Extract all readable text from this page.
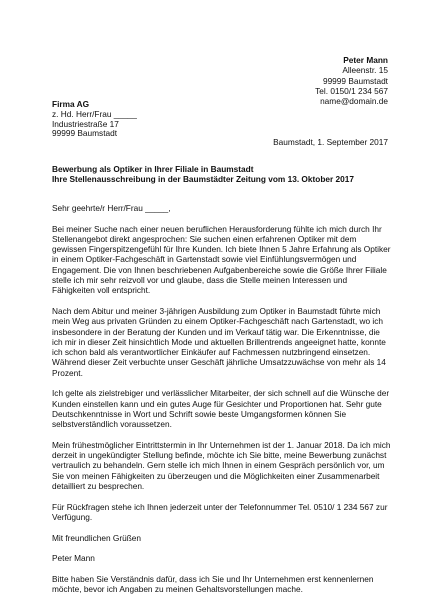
Peter Mann
Alleenstr. 15
99999 Baumstadt
Tel. 0150/1 234 567
name@domain.de
Firma AG
z. Hd. Herr/Frau _____
Industriestraße 17
99999 Baumstadt
Baumstadt, 1. September 2017
Bewerbung als Optiker in Ihrer Filiale in Baumstadt
Ihre Stellenausschreibung in der Baumstädter Zeitung vom 13. Oktober 2017

Sehr geehrte/r Herr/Frau _____,

Bei meiner Suche nach einer neuen beruflichen Herausforderung fühlte ich mich durch Ihr Stellenangebot direkt angesprochen: Sie suchen einen erfahrenen Optiker mit dem gewissen Fingerspitzengefühl für Ihre Kunden. Ich biete Ihnen 5 Jahre Erfahrung als Optiker in einem Optiker-Fachgeschäft in Gartenstadt sowie viel Einfühlungsvermögen und Engagement. Die von Ihnen beschriebenen Aufgabenbereiche sowie die Größe Ihrer Filiale stelle ich mir sehr reizvoll vor und glaube, dass die Stelle meinen Interessen und Fähigkeiten voll entspricht.

Nach dem Abitur und meiner 3-jährigen Ausbildung zum Optiker in Baumstadt führte mich mein Weg aus privaten Gründen zu einem Optiker-Fachgeschäft nach Gartenstadt, wo ich insbesondere in der Beratung der Kunden und im Verkauf tätig war. Die Erkenntnisse, die ich mir in dieser Zeit hinsichtlich Mode und aktuellen Brillentrends angeeignet hatte, konnte ich schon bald als verantwortlicher Einkäufer auf Fachmessen nutzbringend einsetzen. Während dieser Zeit verbuchte unser Geschäft jährliche Umsatzzuwächse von mehr als 14 Prozent.

Ich gelte als zielstrebiger und verlässlicher Mitarbeiter, der sich schnell auf die Wünsche der Kunden einstellen kann und ein gutes Auge für Gesichter und Proportionen hat. Sehr gute Deutschkenntnisse in Wort und Schrift sowie beste Umgangsformen können Sie selbstverständlich voraussetzen.

Mein frühestmöglicher Eintrittstermin in Ihr Unternehmen ist der 1. Januar 2018. Da ich mich derzeit in ungekündigter Stellung befinde, möchte ich Sie bitte, meine Bewerbung zunächst vertraulich zu behandeln. Gern stelle ich mich Ihnen in einem Gespräch persönlich vor, um Sie von meinen Fähigkeiten zu überzeugen und die Möglichkeiten einer Zusammenarbeit detailliert zu besprechen.

Für Rückfragen stehe ich Ihnen jederzeit unter der Telefonnummer Tel. 0510/ 1 234 567 zur Verfügung.

Mit freundlichen Grüßen

Peter Mann

Bitte haben Sie Verständnis dafür, dass ich Sie und Ihr Unternehmen erst kennenlernen möchte, bevor ich Angaben zu meinen Gehaltsvorstellungen mache.
